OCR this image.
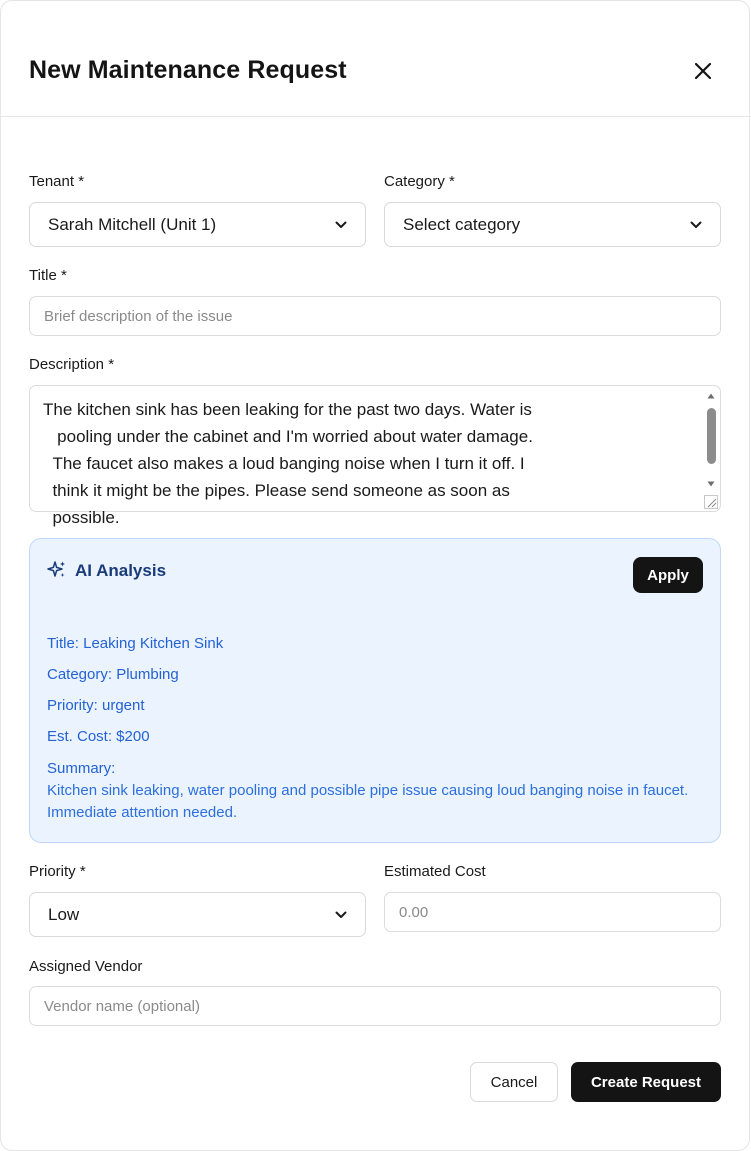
New Maintenance Request

Tenant *

Sarah Mitchell (Unit 1)

Category *

Select category

Title *

Brief description of the issue

Description *

The kitchen sink has been leaking for the past two days. Water is
pooling under the cabinet and I'm worried about water damage.
The faucet also makes a loud banging noise when I turn it off. I
think it might be the pipes. Please send someone as soon as
possible.

AI Analysis	Apply

Title: Leaking Kitchen Sink

Category: Plumbing

Priority: urgent

Est. Cost: $200

Summary:

Kitchen sink leaking, water pooling and possible pipe issue causing loud banging noise in faucet. Immediate attention needed.

Priority *

Low

Estimated Cost

0.00

Assigned Vendor

Vendor name (optional)
Cancel	Create Request
